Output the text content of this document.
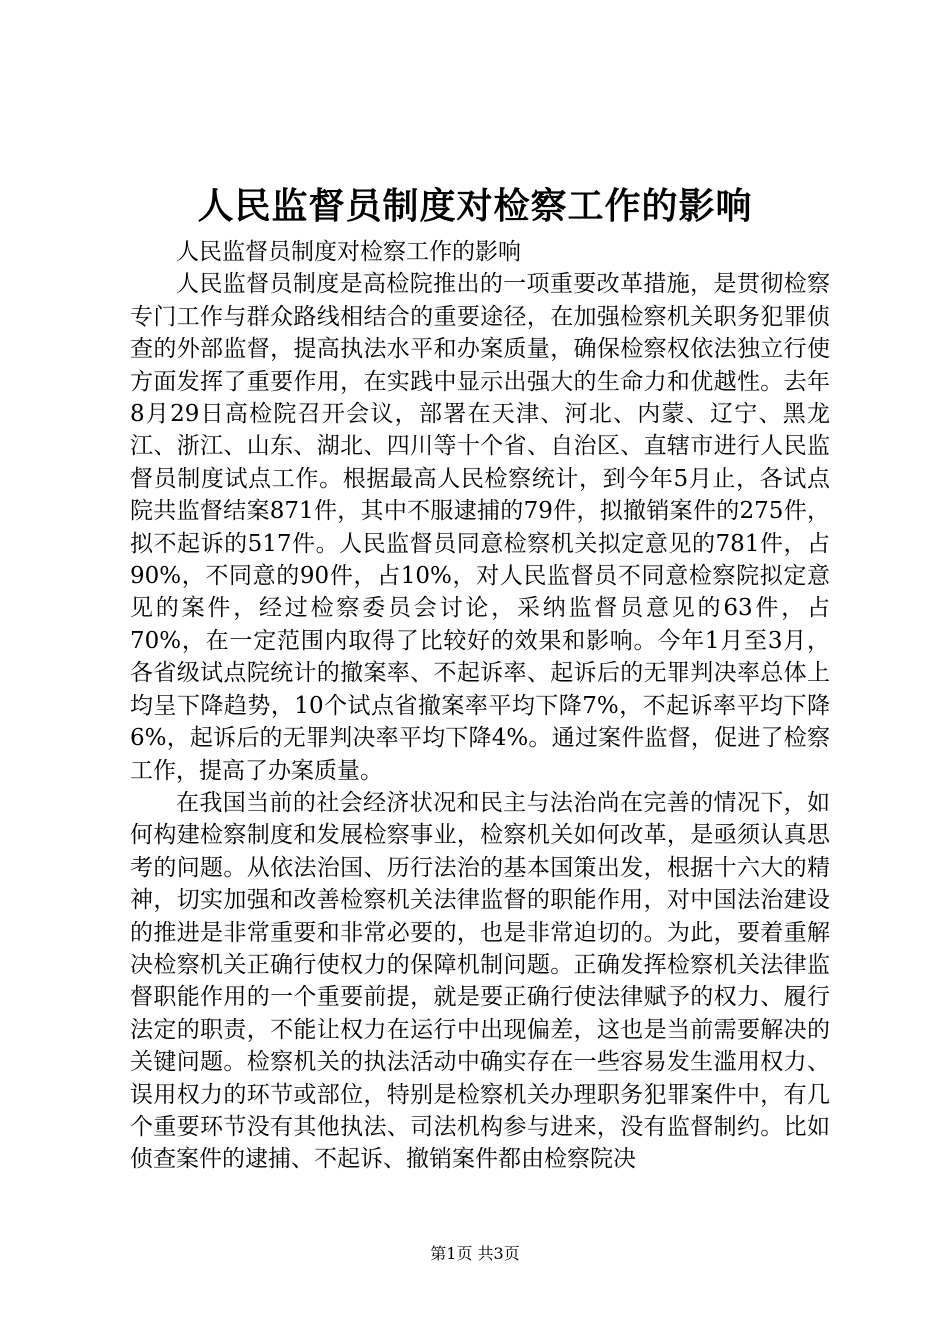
人民监督员制度对检察工作的影响

人民监督员制度对检察工作的影响

人民监督员制度是高检院推出的一项重要改革措施，是贯彻检察专门工作与群众路线相结合的重要途径，在加强检察机关职务犯罪侦查的外部监督，提高执法水平和办案质量，确保检察权依法独立行使方面发挥了重要作用，在实践中显示出强大的生命力和优越性。去年8月29日高检院召开会议，部署在天津、河北、内蒙、辽宁、黑龙江、浙江、山东、湖北、四川等十个省、自治区、直辖市进行人民监督员制度试点工作。根据最高人民检察统计，到今年5月止，各试点院共监督结案871件，其中不服逮捕的79件，拟撤销案件的275件，拟不起诉的517件。人民监督员同意检察机关拟定意见的781件，占90%，不同意的90件，占10%，对人民监督员不同意检察院拟定意见的案件，经过检察委员会讨论，采纳监督员意见的63件，占70%，在一定范围内取得了比较好的效果和影响。今年1月至3月，各省级试点院统计的撤案率、不起诉率、起诉后的无罪判决率总体上均呈下降趋势，10个试点省撤案率平均下降7%，不起诉率平均下降6%，起诉后的无罪判决率平均下降4%。通过案件监督，促进了检察工作，提高了办案质量。

在我国当前的社会经济状况和民主与法治尚在完善的情况下，如何构建检察制度和发展检察事业，检察机关如何改革，是亟须认真思考的问题。从依法治国、历行法治的基本国策出发，根据十六大的精神，切实加强和改善检察机关法律监督的职能作用，对中国法治建设的推进是非常重要和非常必要的，也是非常迫切的。为此，要着重解决检察机关正确行使权力的保障机制问题。正确发挥检察机关法律监督职能作用的一个重要前提，就是要正确行使法律赋予的权力、履行法定的职责，不能让权力在运行中出现偏差，这也是当前需要解决的关键问题。检察机关的执法活动中确实存在一些容易发生滥用权力、误用权力的环节或部位，特别是检察机关办理职务犯罪案件中，有几个重要环节没有其他执法、司法机构参与进来，没有监督制约。比如侦查案件的逮捕、不起诉、撤销案件都由检察院决

第1页 共3页
